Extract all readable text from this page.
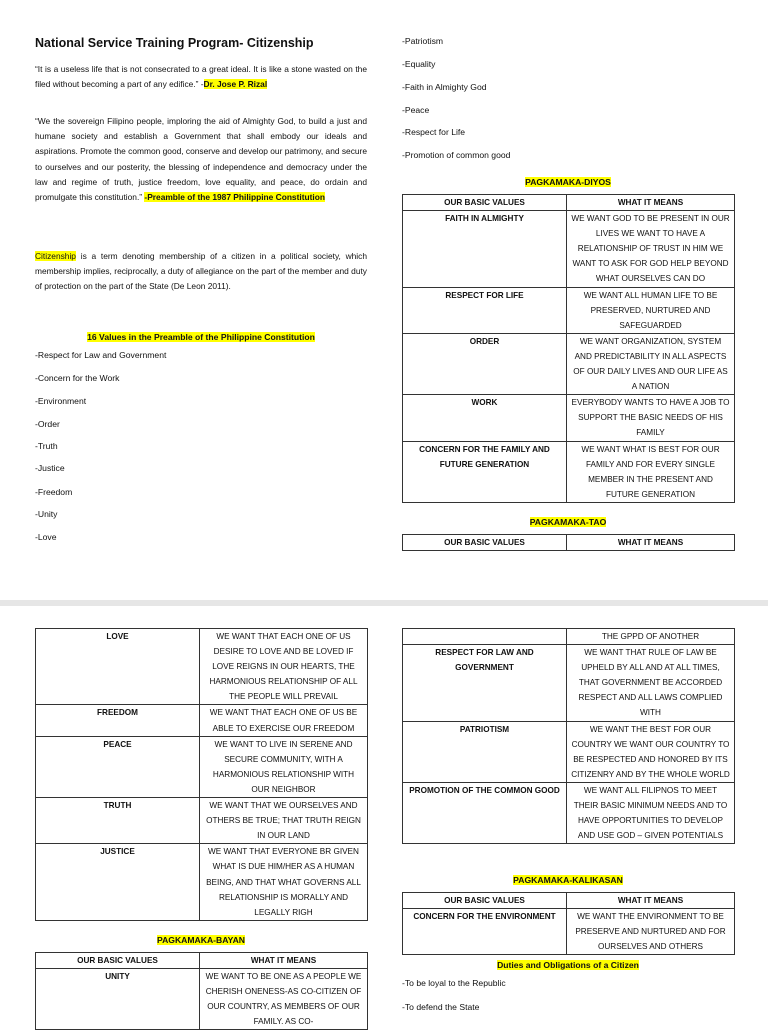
National Service Training Program- Citizenship

“It is a useless life that is not consecrated to a great ideal. It is like a stone wasted on the filed without becoming a part of any edifice.” -Dr. Jose P. Rizal

“We the sovereign Filipino people, imploring the aid of Almighty God, to build a just and humane society and establish a Government that shall embody our ideals and aspirations. Promote the common good, conserve and develop our patrimony, and secure to ourselves and our posterity, the blessing of independence and democracy under the law and regime of truth, justice freedom, love equality, and peace, do ordain and promulgate this constitution.” -Preamble of the 1987 Philippine Constitution

Citizenship is a term denoting membership of a citizen in a political society, which membership implies, reciprocally, a duty of allegiance on the part of the member and duty of protection on the part of the State (De Leon 2011).

16 Values in the Preamble of the Philippine Constitution
-Respect for Law and Government
-Concern for the Work
-Environment
-Order
-Truth
-Justice
-Freedom
-Unity
-Love
-Patriotism
-Equality
-Faith in Almighty God
-Peace
-Respect for Life
-Promotion of common good
PAGKAMAKA-DIYOS
OUR BASIC VALUES	WHAT IT MEANS
FAITH IN ALMIGHTY	WE WANT GOD TO BE PRESENT IN OUR LIVES WE WANT TO HAVE A RELATIONSHIP OF TRUST IN HIM WE WANT TO ASK FOR GOD HELP BEYOND WHAT OURSELVES CAN DO
RESPECT FOR LIFE	WE WANT ALL HUMAN LIFE TO BE PRESERVED, NURTURED AND SAFEGUARDED
ORDER	WE WANT ORGANIZATION, SYSTEM AND PREDICTABILITY IN ALL ASPECTS OF OUR DAILY LIVES AND OUR LIFE AS A NATION
WORK	EVERYBODY WANTS TO HAVE A JOB TO SUPPORT THE BASIC NEEDS OF HIS FAMILY
CONCERN FOR THE FAMILY AND FUTURE GENERATION	WE WANT WHAT IS BEST FOR OUR FAMILY AND FOR EVERY SINGLE MEMBER IN THE PRESENT AND FUTURE GENERATION
PAGKAMAKA-TAO
OUR BASIC VALUES	WHAT IT MEANS
LOVE	WE WANT THAT EACH ONE OF US DESIRE TO LOVE AND BE LOVED IF LOVE REIGNS IN OUR HEARTS, THE HARMONIOUS RELATIONSHIP OF ALL THE PEOPLE WILL PREVAIL
FREEDOM	WE WANT THAT EACH ONE OF US BE ABLE TO EXERCISE OUR FREEDOM
PEACE	WE WANT TO LIVE IN SERENE AND SECURE COMMUNITY, WITH A HARMONIOUS RELATIONSHIP WITH OUR NEIGHBOR
TRUTH	WE WANT THAT WE OURSELVES AND OTHERS BE TRUE; THAT TRUTH REIGN IN OUR LAND
JUSTICE	WE WANT THAT EVERYONE BR GIVEN WHAT IS DUE HIM/HER AS A HUMAN BEING, AND THAT WHAT GOVERNS ALL RELATIONSHIP IS MORALLY AND LEGALLY RIGH
PAGKAMAKA-BAYAN
OUR BASIC VALUES	WHAT IT MEANS
UNITY	WE WANT TO BE ONE AS A PEOPLE WE CHERISH ONENESS-AS CO-CITIZEN OF OUR COUNTRY, AS MEMBERS OF OUR FAMILY. AS CO-
	THE GPPD OF ANOTHER
RESPECT FOR LAW AND GOVERNMENT	WE WANT THAT RULE OF LAW BE UPHELD BY ALL AND AT ALL TIMES, THAT GOVERNMENT BE ACCORDED RESPECT AND ALL LAWS COMPLIED WITH
PATRIOTISM	WE WANT THE BEST FOR OUR COUNTRY WE WANT OUR COUNTRY TO BE RESPECTED AND HONORED BY ITS CITIZENRY AND BY THE WHOLE WORLD
PROMOTION OF THE COMMON GOOD	WE WANT ALL FILIPNOS TO MEET THEIR BASIC MINIMUM NEEDS AND TO HAVE OPPORTUNITIES TO DEVELOP AND USE GOD – GIVEN POTENTIALS
PAGKAMAKA-KALIKASAN
OUR BASIC VALUES	WHAT IT MEANS
CONCERN FOR THE ENVIRONMENT	WE WANT THE ENVIRONMENT TO BE PRESERVE AND NURTURED AND FOR OURSELVES AND OTHERS
Duties and Obligations of a Citizen
-To be loyal to the Republic
-To defend the State
